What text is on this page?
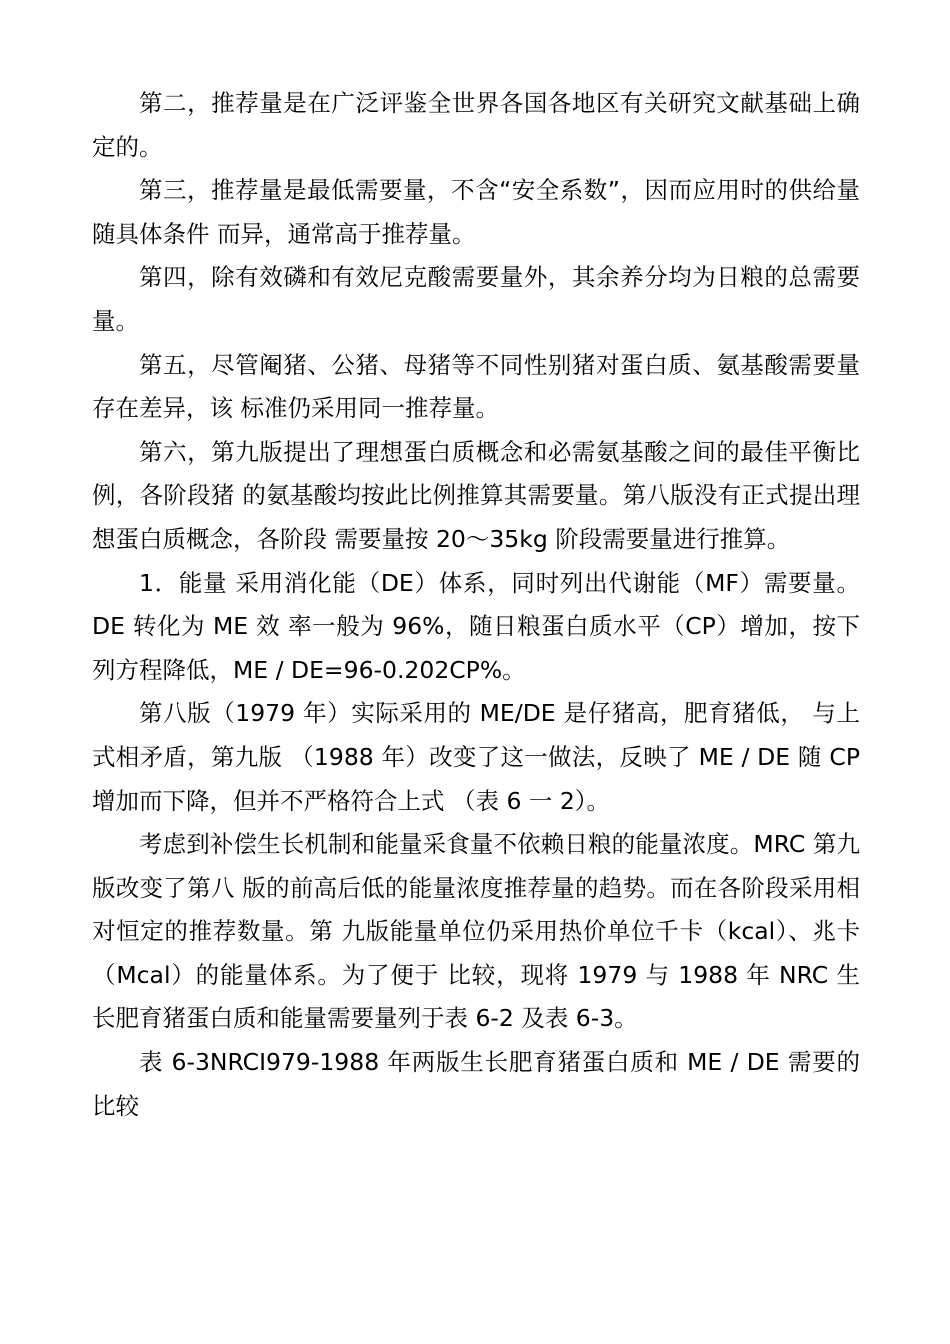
第二，推荐量是在广泛评鉴全世界各国各地区有关研究文献基础上确定的。

第三，推荐量是最低需要量，不含“安全系数”，因而应用时的供给量随具体条件 而异，通常高于推荐量。

第四，除有效磷和有效尼克酸需要量外，其余养分均为日粮的总需要量。

第五，尽管阉猪、公猪、母猪等不同性别猪对蛋白质、氨基酸需要量存在差异，该 标准仍采用同一推荐量。

第六，第九版提出了理想蛋白质概念和必需氨基酸之间的最佳平衡比例，各阶段猪 的氨基酸均按此比例推算其需要量。第八版没有正式提出理想蛋白质概念，各阶段 需要量按 20～35kg 阶段需要量进行推算。

1．能量 采用消化能（DE）体系，同时列出代谢能（MF）需要量。 DE 转化为 ME 效 率一般为 96%，随日粮蛋白质水平（CP）增加，按下列方程降低，ME / DE=96-0.202CP%。

第八版（1979 年）实际采用的 ME/DE 是仔猪高，肥育猪低， 与上式相矛盾，第九版 （1988 年）改变了这一做法，反映了 ME / DE 随 CP 增加而下降，但并不严格符合上式 （表 6 一 2）。

考虑到补偿生长机制和能量采食量不依赖日粮的能量浓度。MRC 第九版改变了第八 版的前高后低的能量浓度推荐量的趋势。而在各阶段采用相对恒定的推荐数量。第 九版能量单位仍采用热价单位千卡（kcal）、兆卡（Mcal）的能量体系。为了便于 比较，现将 1979 与 1988 年 NRC 生长肥育猪蛋白质和能量需要量列于表 6-2 及表 6-3。

表 6-3NRCI979-1988 年两版生长肥育猪蛋白质和 ME / DE 需要的比较
